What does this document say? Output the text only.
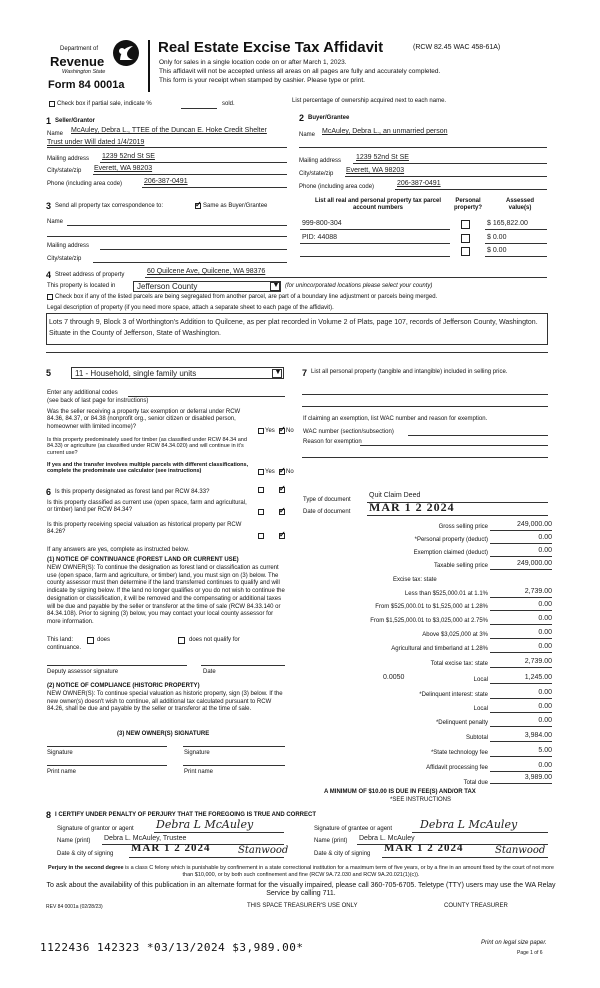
Department of
Revenue
Washington State
Form 84 0001a
Real Estate Excise Tax Affidavit	(RCW 82.45 WAC 458-61A)
Only for sales in a single location code on or after March 1, 2023.
This affidavit will not be accepted unless all areas on all pages are fully and accurately completed.
This form is your receipt when stamped by cashier. Please type or print.
Check box if partial sale, indicate %	sold.	List percentage of ownership acquired next to each name.
1 Seller/Grantor
Name McAuley, Debra L., TTEE of the Duncan E. Hoke Credit Shelter
Trust under Will dated 1/4/2019
Mailing address 1239 52nd St SE
City/state/zip Everett, WA 98203
Phone (including area code)	206-387-0491
2 Buyer/Grantee
Name McAuley, Debra L., an unmarried person
Mailing address 1239 52nd St SE
City/state/zip Everett, WA 98203
Phone (including area code)	206-387-0491
3 Send all property tax correspondence to: ✓	Same as Buyer/Grantee
Name
Mailing address
City/state/zip
List all real and personal property tax parcel account numbers
Personal property?
Assessed value(s)
999-800-304	$ 165,822.00
PID: 44088	$ 0.00
$ 0.00
4 Street address of property	60 Quilcene Ave, Quilcene, WA 98376
This property is located in	Jefferson County	▼ (for unincorporated locations please select your county)
Check box if any of the listed parcels are being segregated from another parcel, are part of a boundary line adjustment or parcels being merged.
Legal description of property (if you need more space, attach a separate sheet to each page of the affidavit).
Lots 7 through 9, Block 3 of Worthington's Addition to Quilcene, as per plat recorded in Volume 2 of Plats, page 107, records of Jefferson County, Washington. Situate in the County of Jefferson, State of Washington.
5	11 - Household, single family units	▼
Enter any additional codes
(see back of last page for instructions)
Was the seller receiving a property tax exemption or deferral under RCW 84.36, 84.37, or 84.38 (nonprofit org., senior citizen or disabled person, homeowner with limited income)?
Yes ✓ No
Is this property predominately used for timber (as classified under RCW 84.34 and 84.33) or agriculture (as classified under RCW 84.34.020) and will continue in it's current use?
If yes and the transfer involves multiple parcels with different classifications, complete the predominate use calculator (see instructions)	Yes ✓ No
6 Is this property designated as forest land per RCW 84.33?
✓
Is this property classified as current use (open space, farm and agricultural, or timber) land per RCW 84.34?
✓
Is this property receiving special valuation as historical property per RCW 84.26?
✓
If any answers are yes, complete as instructed below.
(1) NOTICE OF CONTINUANCE (FOREST LAND OR CURRENT USE)
NEW OWNER(S): To continue the designation as forest land or classification as current use (open space, farm and agriculture, or timber) land, you must sign on (3) below. The county assessor must then determine if the land transferred continues to qualify and will indicate by signing below. If the land no longer qualifies or you do not wish to continue the designation or classification, it will be removed and the compensating or additional taxes will be due and payable by the seller or transferor at the time of sale (RCW 84.33.140 or 84.34.108). Prior to signing (3) below, you may contact your local county assessor for more information.
This land:	does	does not qualify for
continuance.
Deputy assessor signature	Date
(2) NOTICE OF COMPLIANCE (HISTORIC PROPERTY)
NEW OWNER(S): To continue special valuation as historic property, sign (3) below. If the new owner(s) doesn't wish to continue, all additional tax calculated pursuant to RCW 84.26, shall be due and payable by the seller or transferor at the time of sale.
(3) NEW OWNER(S) SIGNATURE
Signature	Signature
Print name	Print name
7 List all personal property (tangible and intangible) included in selling price.
If claiming an exemption, list WAC number and reason for exemption.
WAC number (section/subsection)
Reason for exemption
Type of document
Quit Claim Deed
Date of document MAR 1 2 2024
Gross selling price	249,000.00
*Personal property (deduct)	0.00
Exemption claimed (deduct)	0.00
Taxable selling price	249,000.00
Excise tax: state
Less than $525,000.01 at 1.1%	2,739.00
From $525,000.01 to $1,525,000 at 1.28%	0.00
From $1,525,000.01 to $3,025,000 at 2.75%	0.00
Above $3,025,000 at 3%	0.00
Agricultural and timberland at 1.28%	0.00
Total excise tax: state	2,739.00
0.0050	Local	1,245.00
*Delinquent interest: state	0.00
Local	0.00
*Delinquent penalty	0.00
Subtotal	3,984.00
*State technology fee	5.00
Affidavit processing fee	0.00
Total due
3,989.00
A MINIMUM OF $10.00 IS DUE IN FEE(S) AND/OR TAX
*SEE INSTRUCTIONS
8 I CERTIFY UNDER PENALTY OF PERJURY THAT THE FOREGOING IS TRUE AND CORRECT
Signature of grantor or agent Debra L McAuley
Name (print) Debra L. McAuley, Trustee
Date & city of signing MAR 1 2 2024	Stanwood
Signature of grantee or agent	Debra L McAuley
Name (print) Debra L. McAuley
Date & city of signing MAR 1 2 2024	Stanwood
Perjury in the second degree is a class C felony which is punishable by confinement in a state correctional institution for a maximum term of five years, or by a fine in an amount fixed by the court of not more than $10,000, or by both such confinement and fine (RCW 9A.72.030 and RCW 9A.20.021(1)(c)).
To ask about the availability of this publication in an alternate format for the visually impaired, please call 360-705-6705. Teletype (TTY) users may use the WA Relay Service by calling 711.
REV 84 0001a (02/28/23)	THIS SPACE TREASURER'S USE ONLY	COUNTY TREASURER
1122436 142323 *03/13/2024 $3,989.00*	Print on legal size paper.
Page 1 of 6
